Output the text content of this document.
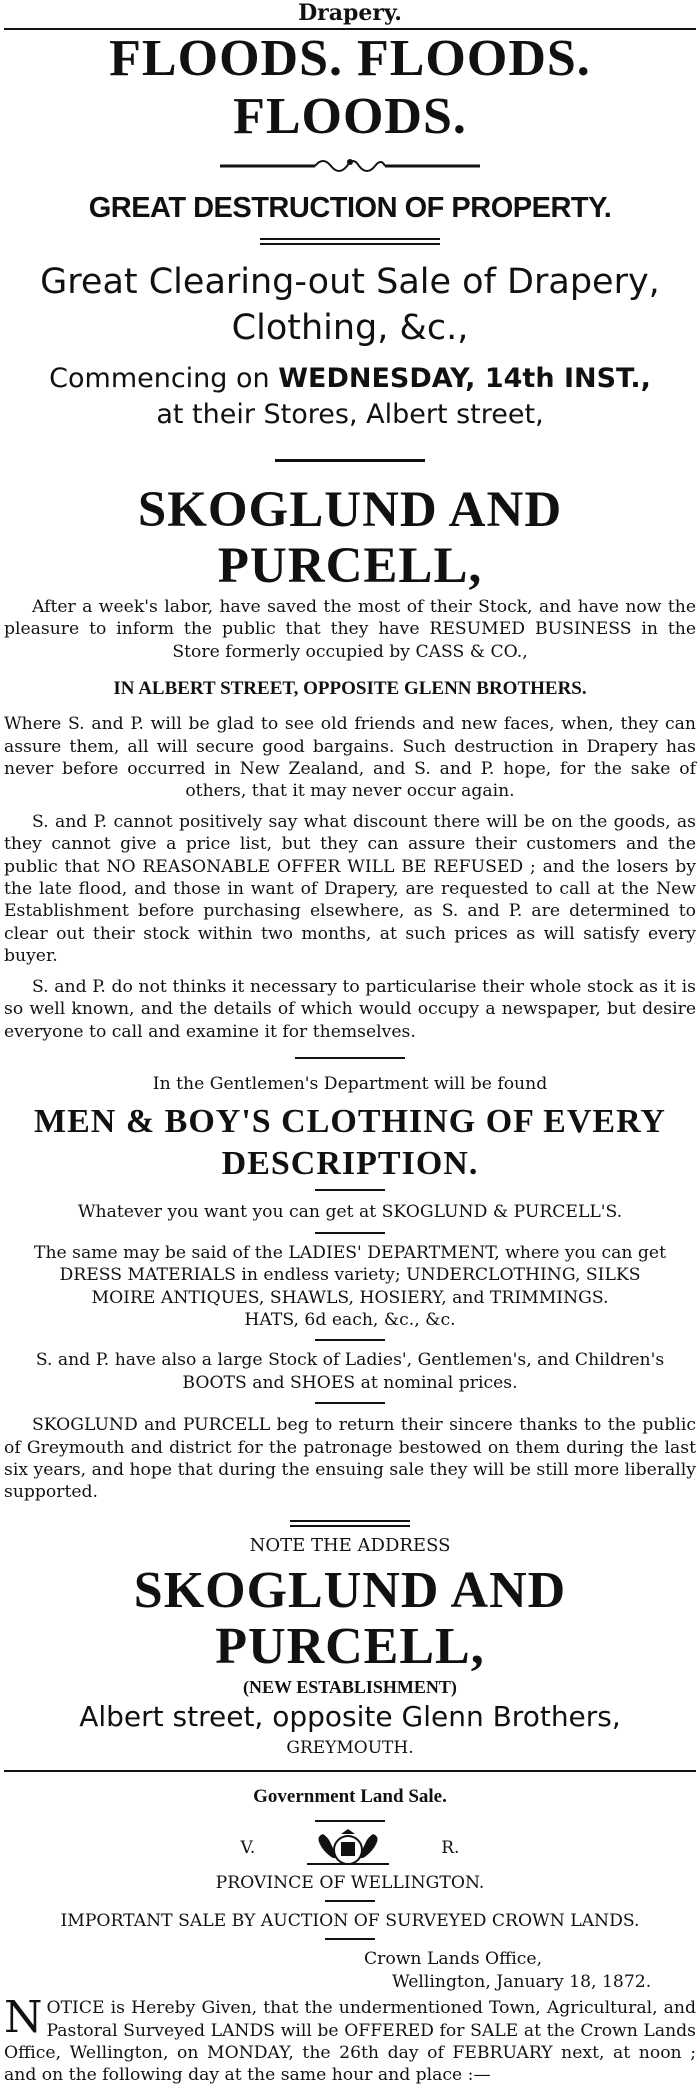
Drapery.
FLOODS. FLOODS. FLOODS.
GREAT DESTRUCTION OF PROPERTY.
Great Clearing-out Sale of Drapery,
Clothing, &c.,
Commencing on WEDNESDAY, 14th INST.,
at their Stores, Albert street,
SKOGLUND AND PURCELL,

After a week's labor, have saved the most of their Stock, and have now the pleasure to inform the public that they have RESUMED BUSINESS in the Store formerly occupied by CASS & CO.,

IN ALBERT STREET, OPPOSITE GLENN BROTHERS.

Where S. and P. will be glad to see old friends and new faces, when, they can assure them, all will secure good bargains. Such destruction in Drapery has never before occurred in New Zealand, and S. and P. hope, for the sake of others, that it may never occur again.

S. and P. cannot positively say what discount there will be on the goods, as they cannot give a price list, but they can assure their customers and the public that NO REASONABLE OFFER WILL BE REFUSED ; and the losers by the late flood, and those in want of Drapery, are requested to call at the New Establishment before purchasing elsewhere, as S. and P. are determined to clear out their stock within two months, at such prices as will satisfy every buyer.

S. and P. do not thinks it necessary to particularise their whole stock as it is so well known, and the details of which would occupy a newspaper, but desire everyone to call and examine it for themselves.

In the Gentlemen's Department will be found
MEN & BOY'S CLOTHING OF EVERY
DESCRIPTION.
Whatever you want you can get at SKOGLUND & PURCELL'S.
The same may be said of the LADIES' DEPARTMENT, where you can get
DRESS MATERIALS in endless variety; UNDERCLOTHING, SILKS
MOIRE ANTIQUES, SHAWLS, HOSIERY, and TRIMMINGS.
HATS, 6d each, &c., &c.
S. and P. have also a large Stock of Ladies', Gentlemen's, and Children's
BOOTS and SHOES at nominal prices.

SKOGLUND and PURCELL beg to return their sincere thanks to the public of Greymouth and district for the patronage bestowed on them during the last six years, and hope that during the ensuing sale they will be still more liberally supported.

NOTE THE ADDRESS
SKOGLUND AND PURCELL,
(NEW ESTABLISHMENT)
Albert street, opposite Glenn Brothers,
GREYMOUTH.
Government Land Sale.
V.	R.
PROVINCE OF WELLINGTON.
IMPORTANT SALE BY AUCTION OF SURVEYED CROWN LANDS.
Crown Lands Office,
Wellington, January 18, 1872.

NOTICE is Hereby Given, that the undermentioned Town, Agricultural, and Pastoral Surveyed LANDS will be OFFERED for SALE at the Crown Lands Office, Wellington, on MONDAY, the 26th day of FEBRUARY next, at noon ; and on the following day at the same hour and place :—
